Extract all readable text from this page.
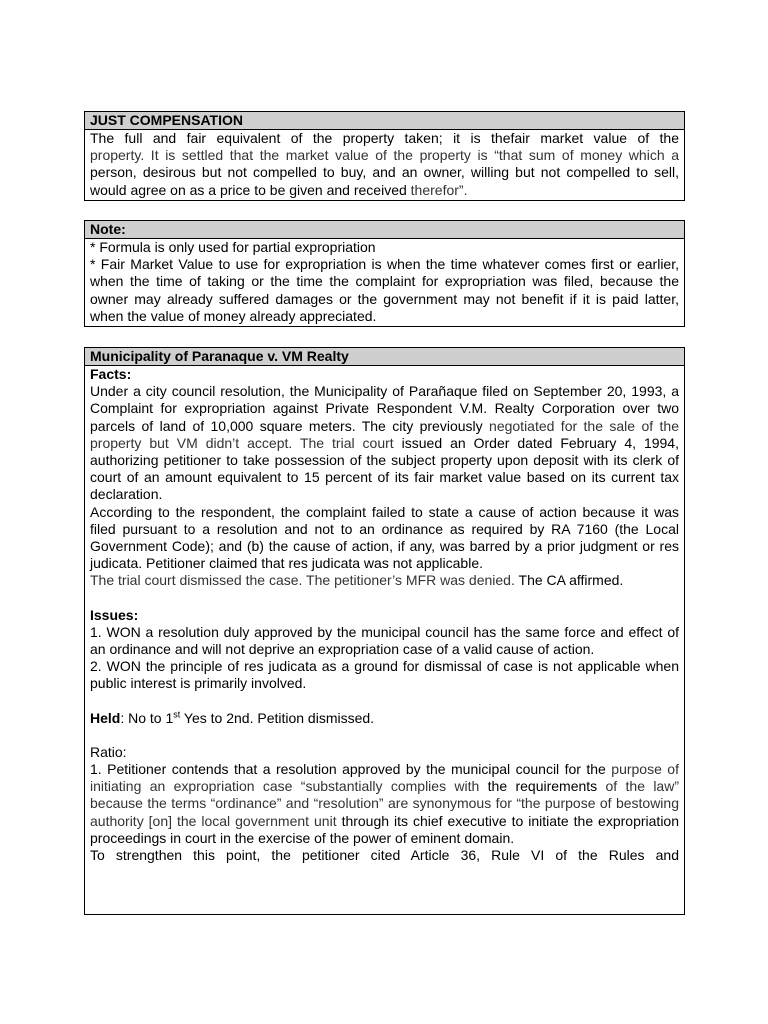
JUST COMPENSATION

The full and fair equivalent of the property taken; it is thefair market value of the

property. It is settled that the market value of the property is “that sum of money which a

person, desirous but not compelled to buy, and an owner, willing but not compelled to sell, would agree on as a price to be given and received therefor”.

Note:

* Formula is only used for partial expropriation

* Fair Market Value to use for expropriation is when the time whatever comes first or earlier, when the time of taking or the time the complaint for expropriation was filed, because the owner may already suffered damages or the government may not benefit if it is paid latter, when the value of money already appreciated.

Municipality of Paranaque v. VM Realty

Facts:

Under a city council resolution, the Municipality of Parañaque filed on September 20, 1993, a Complaint for expropriation against Private Respondent V.M. Realty Corporation over two parcels of land of 10,000 square meters. The city previously negotiated for the sale of the property but VM didn’t accept. The trial court issued an Order dated February 4, 1994, authorizing petitioner to take possession of the subject property upon deposit with its clerk of court of an amount equivalent to 15 percent of its fair market value based on its current tax declaration.

According to the respondent, the complaint failed to state a cause of action because it was filed pursuant to a resolution and not to an ordinance as required by RA 7160 (the Local Government Code); and (b) the cause of action, if any, was barred by a prior judgment or res judicata. Petitioner claimed that res judicata was not applicable.

The trial court dismissed the case. The petitioner’s MFR was denied. The CA affirmed.

Issues:

1. WON a resolution duly approved by the municipal council has the same force and effect of an ordinance and will not deprive an expropriation case of a valid cause of action.

2. WON the principle of res judicata as a ground for dismissal of case is not applicable when public interest is primarily involved.

Held: No to 1st Yes to 2nd. Petition dismissed.

Ratio:

1. Petitioner contends that a resolution approved by the municipal council for the purpose of initiating an expropriation case “substantially complies with the requirements of the law” because the terms “ordinance” and “resolution” are synonymous for “the purpose of bestowing authority [on] the local government unit through its chief executive to initiate the expropriation proceedings in court in the exercise of the power of eminent domain.

To strengthen this point, the petitioner cited Article 36, Rule VI of the Rules and
